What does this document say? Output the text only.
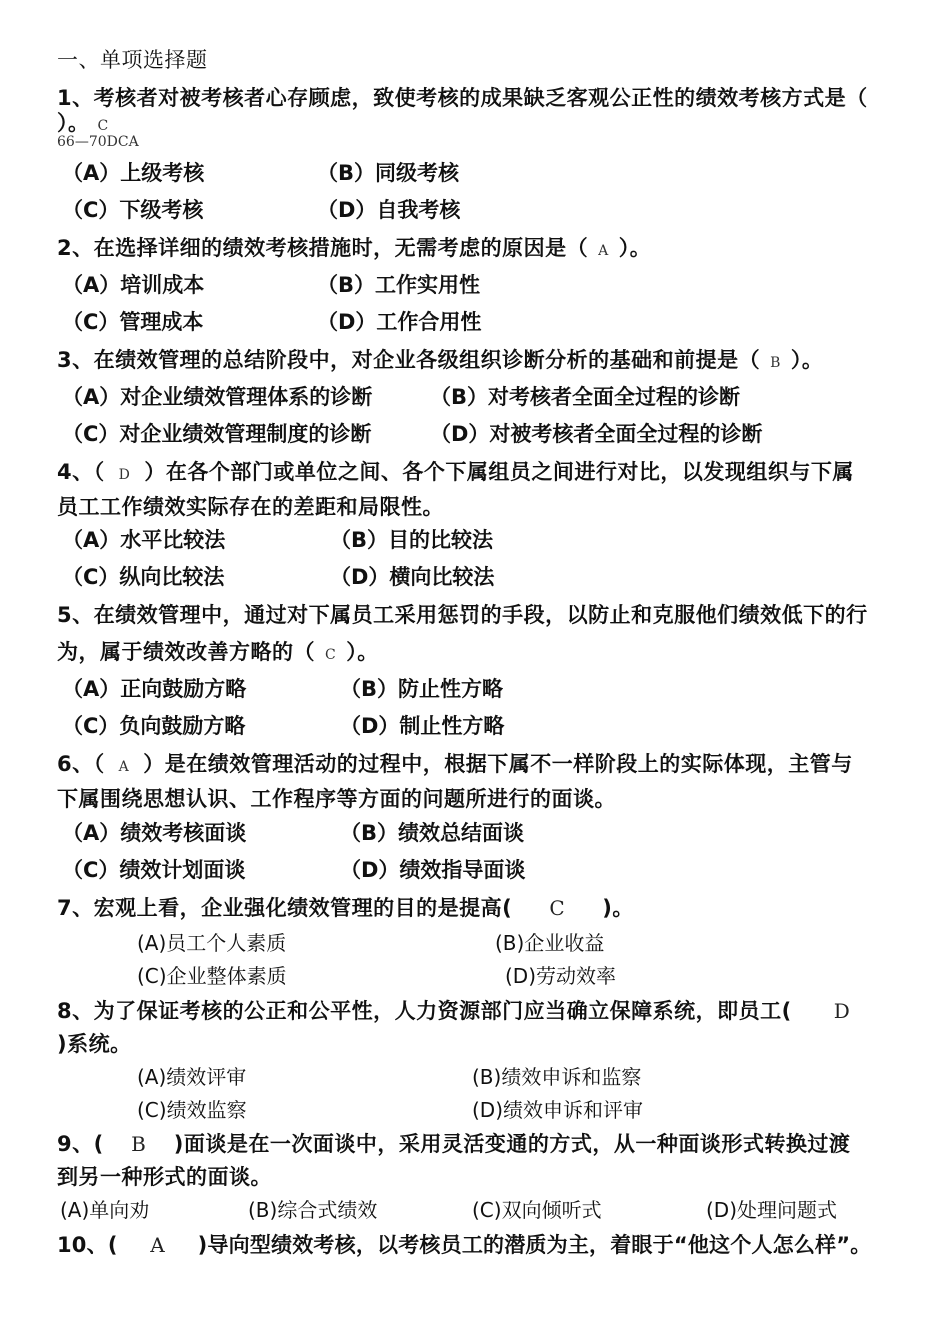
一、单项选择题
1、考核者对被考核者心存顾虑，致使考核的成果缺乏客观公正性的绩效考核方式是（
）。 C
66—70DCA
（A）上级考核	（B）同级考核
（C）下级考核	（D）自我考核
2、在选择详细的绩效考核措施时，无需考虑的原因是（ A ）。
（A）培训成本	（B）工作实用性
（C）管理成本	（D）工作合用性
3、在绩效管理的总结阶段中，对企业各级组织诊断分析的基础和前提是（ B ）。
（A）对企业绩效管理体系的诊断	（B）对考核者全面全过程的诊断
（C）对企业绩效管理制度的诊断	（D）对被考核者全面全过程的诊断
4、（ D ）在各个部门或单位之间、各个下属组员之间进行对比，以发现组织与下属
员工工作绩效实际存在的差距和局限性。
（A）水平比较法	（B）目的比较法
（C）纵向比较法	（D）横向比较法
5、在绩效管理中，通过对下属员工采用惩罚的手段，以防止和克服他们绩效低下的行
为，属于绩效改善方略的（ C ）。
（A）正向鼓励方略	（B）防止性方略
（C）负向鼓励方略	（D）制止性方略
6、（ A ）是在绩效管理活动的过程中，根据下属不一样阶段上的实际体现，主管与
下属围绕思想认识、工作程序等方面的问题所进行的面谈。
（A）绩效考核面谈	（B）绩效总结面谈
（C）绩效计划面谈	（D）绩效指导面谈
7、宏观上看，企业强化绩效管理的目的是提高( C )。
(A)员工个人素质	(B)企业收益
(C)企业整体素质	(D)劳动效率
8、为了保证考核的公正和公平性，人力资源部门应当确立保障系统，即员工( D
)系统。
(A)绩效评审	(B)绩效申诉和监察
(C)绩效监察	(D)绩效申诉和评审
9、( B )面谈是在一次面谈中，采用灵活变通的方式，从一种面谈形式转换过渡
到另一种形式的面谈。
(A)单向劝	(B)综合式绩效	(C)双向倾听式	(D)处理问题式
10、( A )导向型绩效考核，以考核员工的潜质为主，着眼于“他这个人怎么样”。
